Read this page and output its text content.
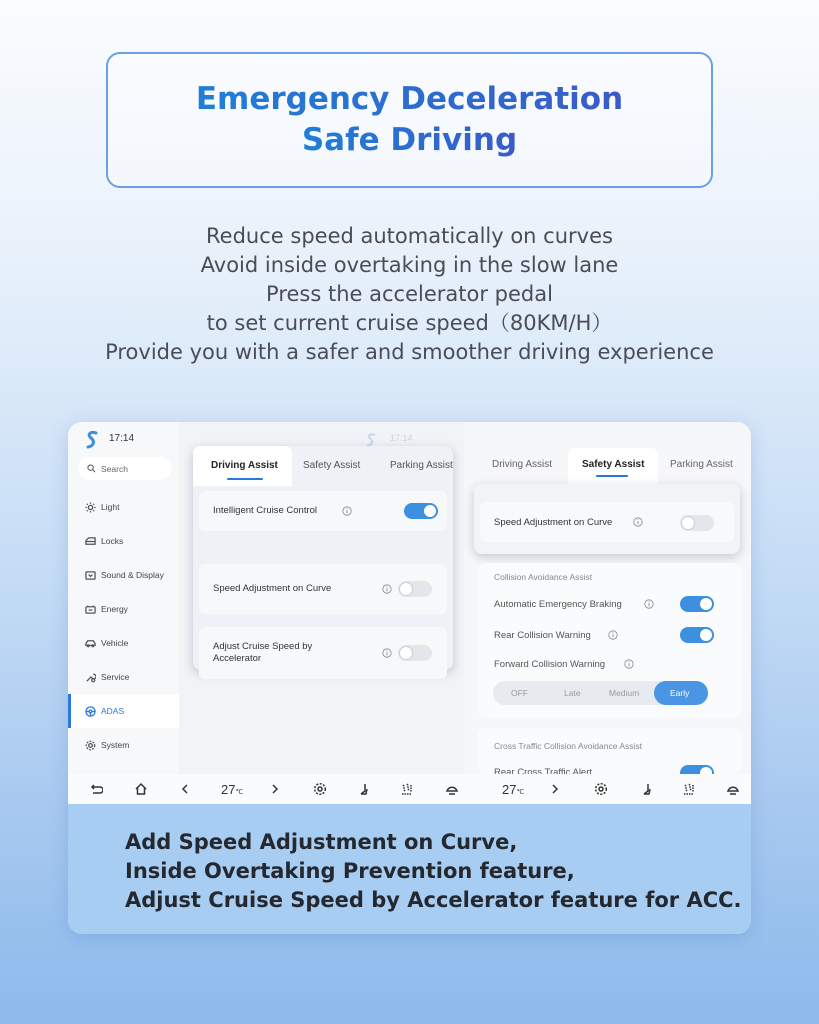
Emergency Deceleration
Safe Driving
Reduce speed automatically on curves
Avoid inside overtaking in the slow lane
Press the accelerator pedal
to set current cruise speed（80KM/H）
Provide you with a safer and smoother driving experience
17:14
Search
Light
Locks
Sound & Display
Energy
Vehicle
Service
ADAS
System
Driving Assist	Safety Assist	Parking Assist
Intelligent Cruise Control
Speed Adjustment on Curve
Adjust Cruise Speed by Accelerator
17:14
Driving Assist	Safety Assist	Parking Assist
Speed Adjustment on Curve
Collision Avoidance Assist
Automatic Emergency Braking
Rear Collision Warning
Forward Collision Warning
OFF	Late	Medium	Early
Cross Traffic Collision Avoidance Assist
Rear Cross Traffic Alert
27℃	27℃
Add Speed Adjustment on Curve,
Inside Overtaking Prevention feature,
Adjust Cruise Speed by Accelerator feature for ACC.
